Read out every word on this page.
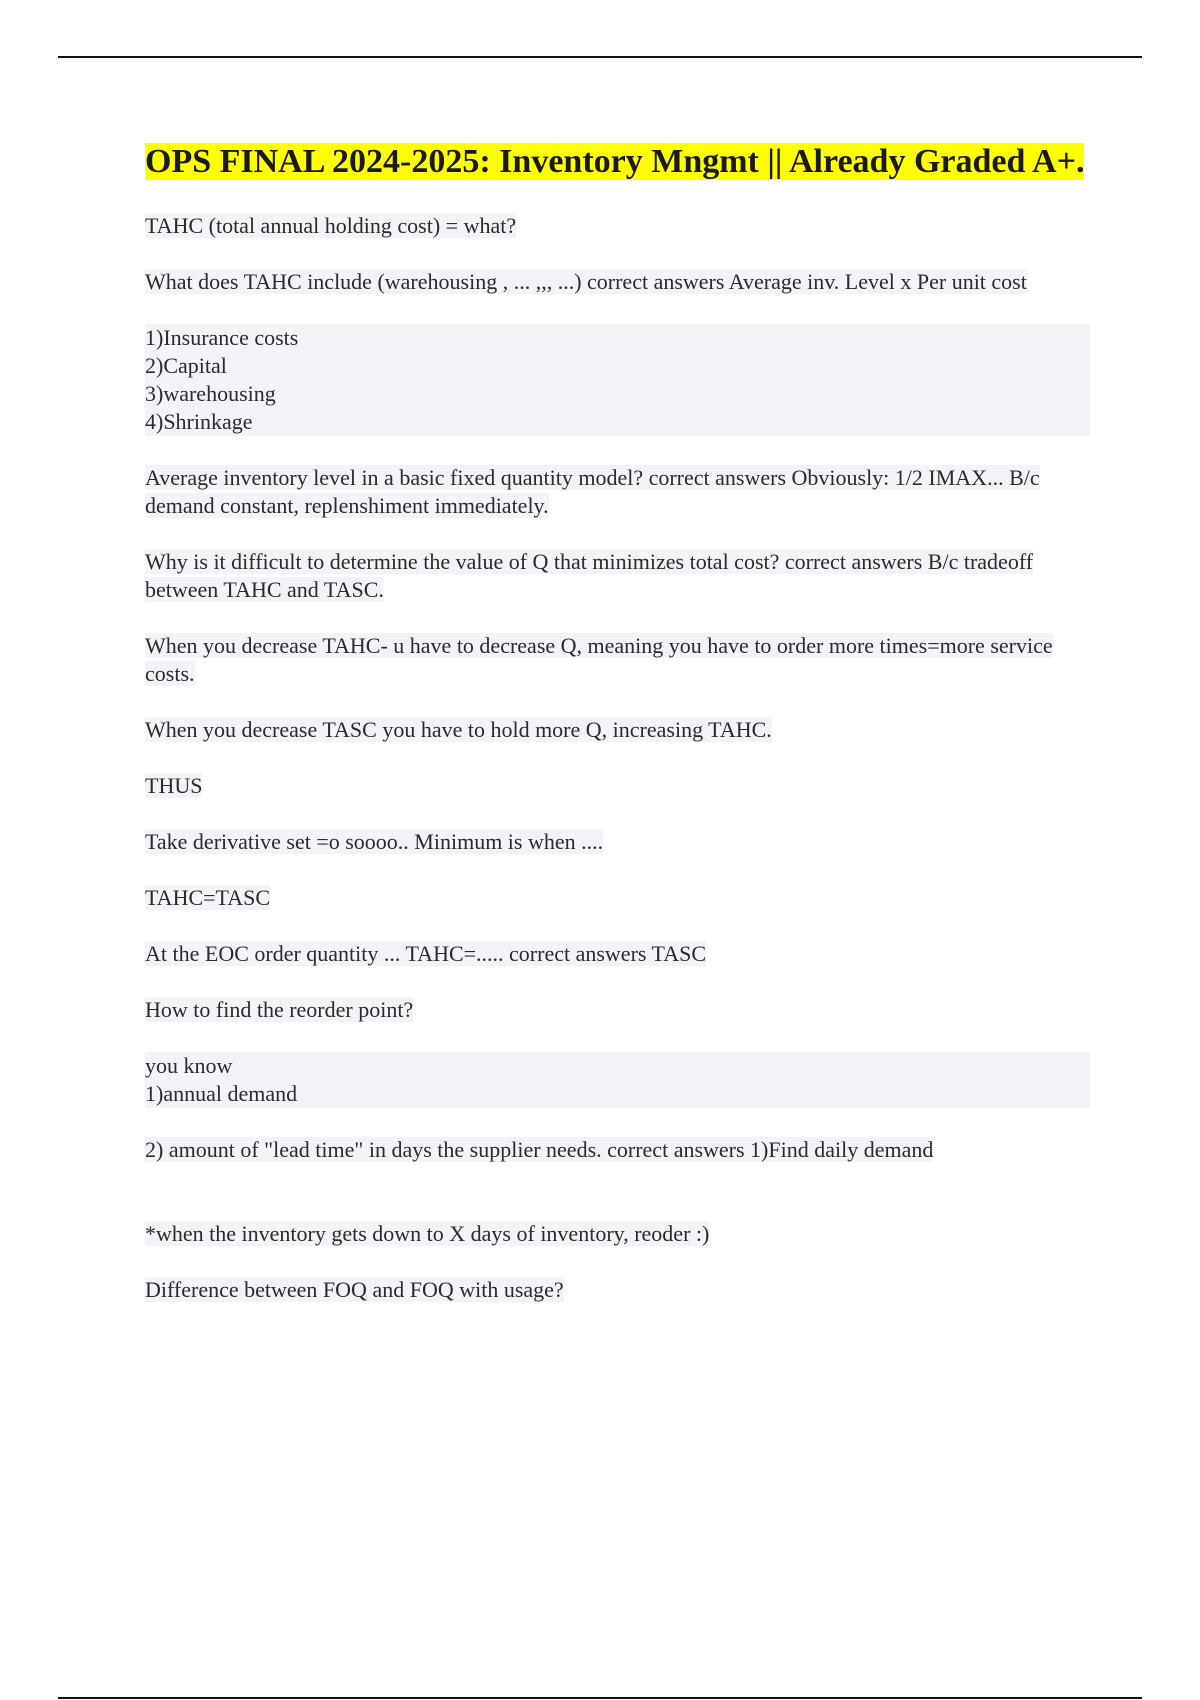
OPS FINAL 2024-2025: Inventory Mngmt || Already Graded A+.

TAHC (total annual holding cost) = what?

What does TAHC include (warehousing , ... ,,, ...) correct answers Average inv. Level x Per unit cost

1)Insurance costs
2)Capital
3)warehousing
4)Shrinkage

Average inventory level in a basic fixed quantity model? correct answers Obviously: 1/2 IMAX... B/c demand constant, replenshiment immediately.

Why is it difficult to determine the value of Q that minimizes total cost? correct answers B/c tradeoff between TAHC and TASC.

When you decrease TAHC- u have to decrease Q, meaning you have to order more times=more service costs.

When you decrease TASC you have to hold more Q, increasing TAHC.

THUS

Take derivative set =o soooo.. Minimum is when ....

TAHC=TASC

At the EOC order quantity ... TAHC=..... correct answers TASC

How to find the reorder point?

you know
1)annual demand

2) amount of "lead time" in days the supplier needs. correct answers 1)Find daily demand

*when the inventory gets down to X days of inventory, reoder :)

Difference between FOQ and FOQ with usage?
